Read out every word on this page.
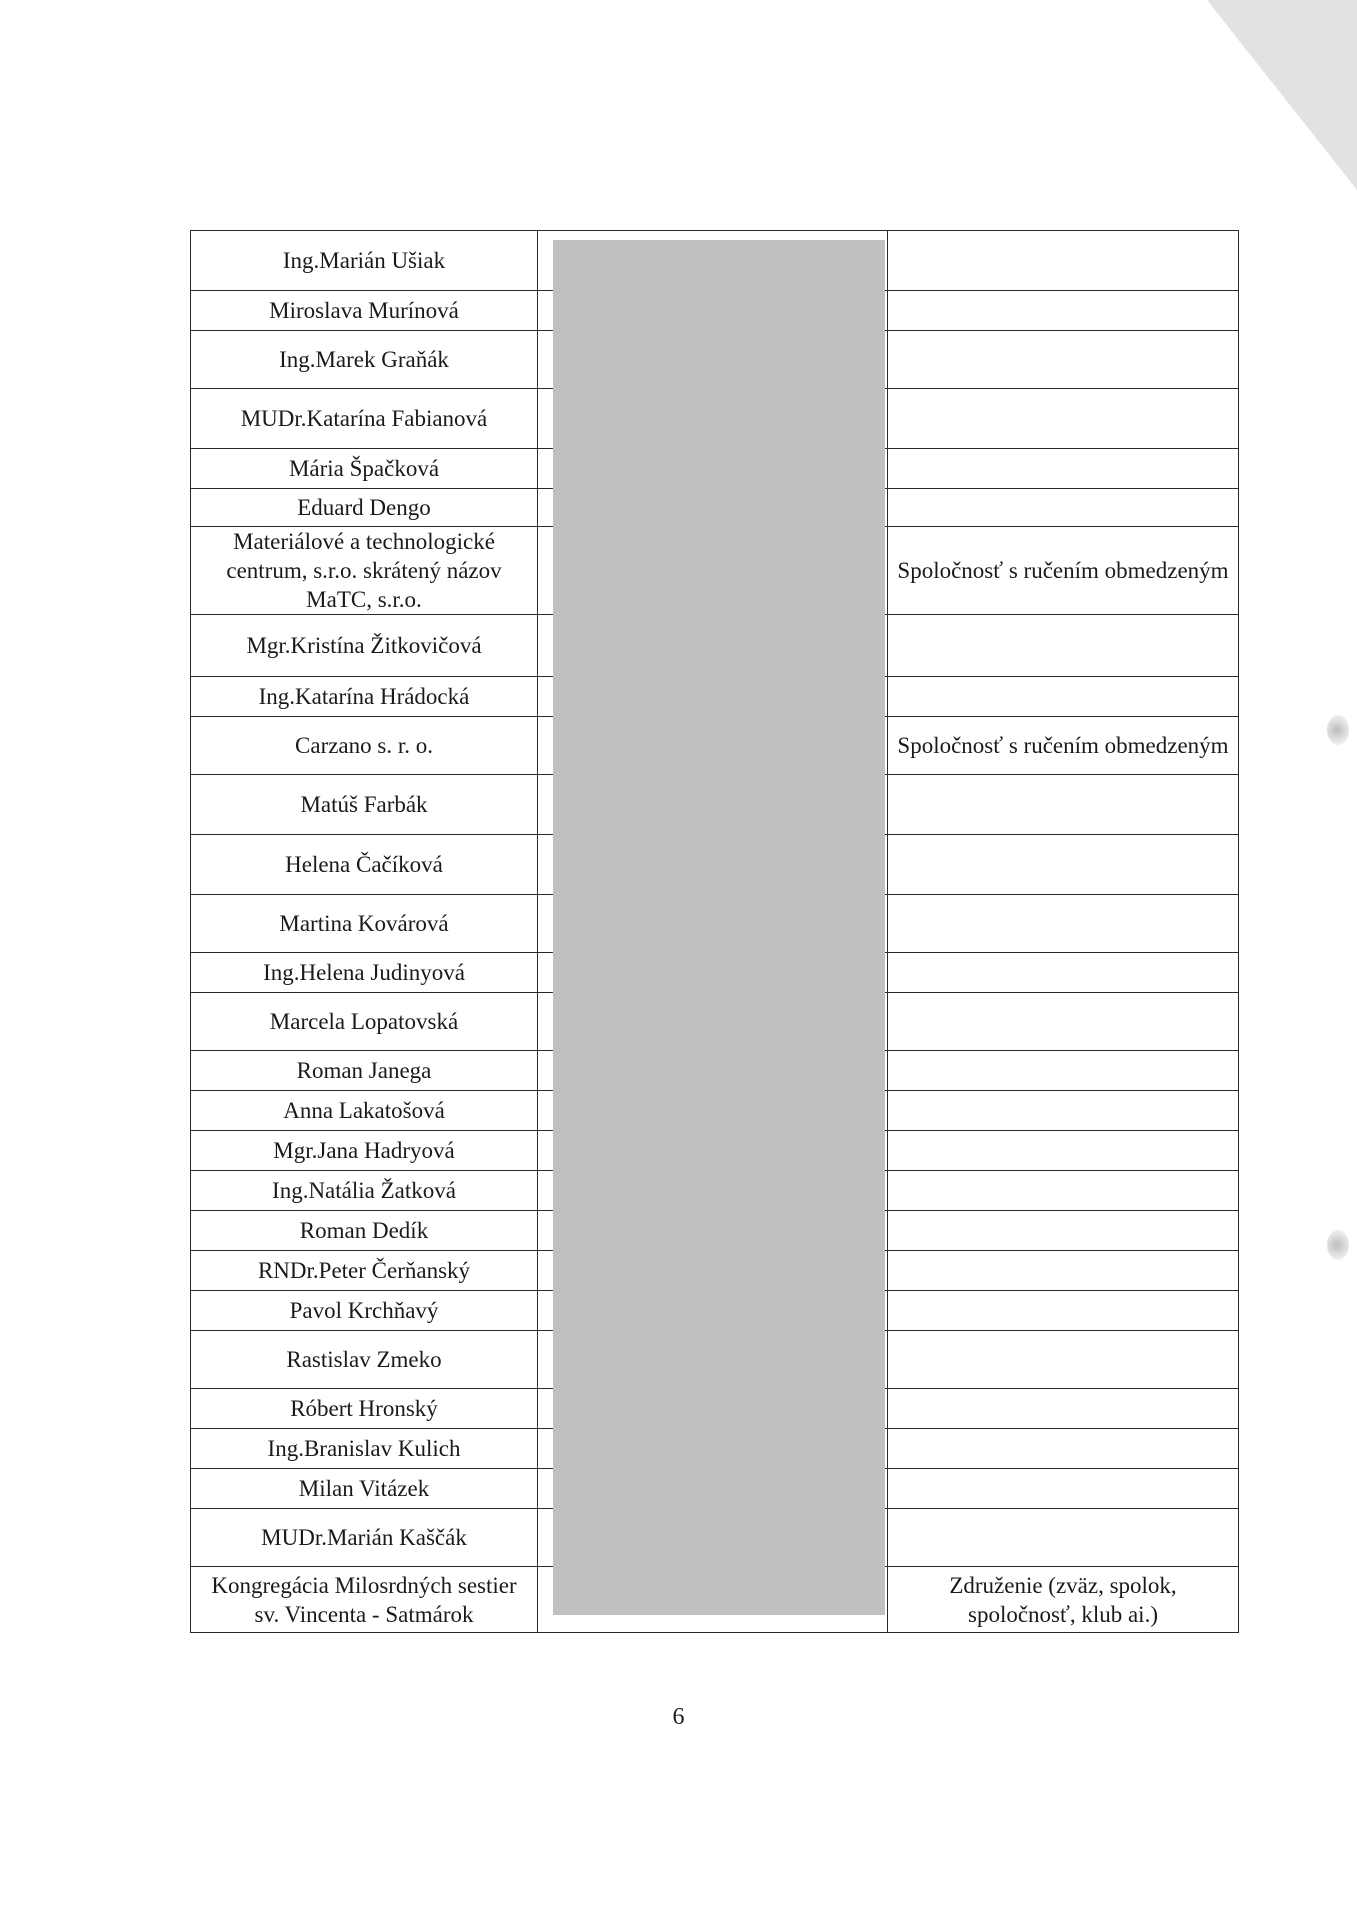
Ing.Marián Ušiak		
Miroslava Murínová		
Ing.Marek Graňák		
MUDr.Katarína Fabianová		
Mária Špačková		
Eduard Dengo		
Materiálové a technologické centrum, s.r.o. skrátený názov MaTC, s.r.o.		Spoločnosť s ručením obmedzeným
Mgr.Kristína Žitkovičová		
Ing.Katarína Hrádocká		
Carzano s. r. o.		Spoločnosť s ručením obmedzeným
Matúš Farbák		
Helena Čačíková		
Martina Kovárová		
Ing.Helena Judinyová		
Marcela Lopatovská		
Roman Janega		
Anna Lakatošová		
Mgr.Jana Hadryová		
Ing.Natália Žatková		
Roman Dedík		
RNDr.Peter Čerňanský		
Pavol Krchňavý		
Rastislav Zmeko		
Róbert Hronský		
Ing.Branislav Kulich		
Milan Vitázek		
MUDr.Marián Kaščák		
Kongregácia Milosrdných sestier sv. Vincenta - Satmárok		Združenie (zväz, spolok, spoločnosť, klub ai.)
6
